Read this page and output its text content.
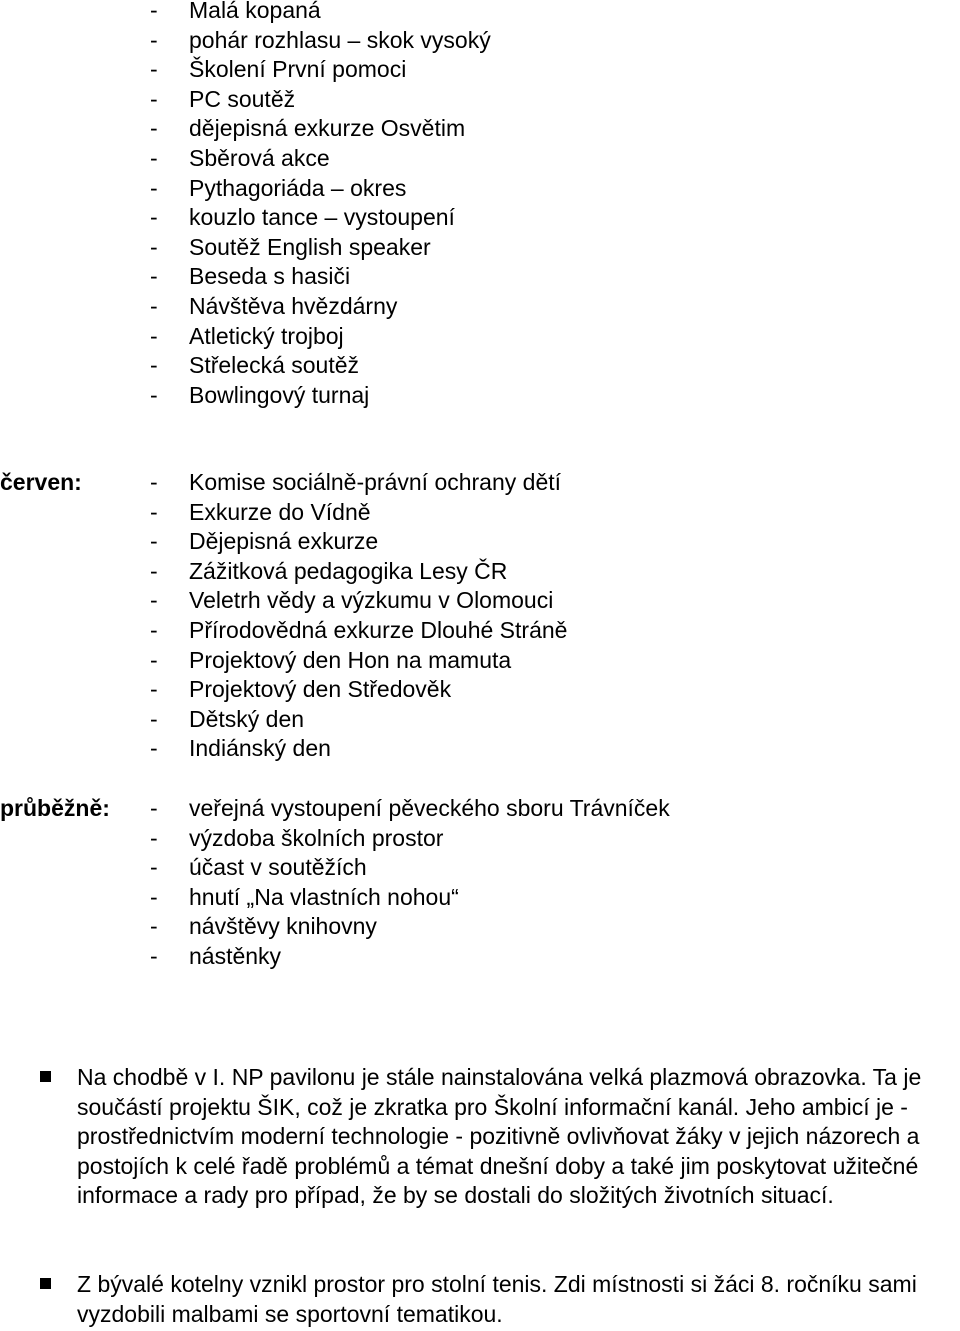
- Malá kopaná
- pohár rozhlasu – skok vysoký
- Školení První pomoci
- PC soutěž
- dějepisná exkurze Osvětim
- Sběrová akce
- Pythagoriáda – okres
- kouzlo tance – vystoupení
- Soutěž English speaker
- Beseda s hasiči
- Návštěva hvězdárny
- Atletický trojboj
- Střelecká soutěž
- Bowlingový turnaj
červen:	- Komise sociálně-právní ochrany dětí
- Exkurze do Vídně
- Dějepisná exkurze
- Zážitková pedagogika Lesy ČR
- Veletrh vědy a výzkumu v Olomouci
- Přírodovědná exkurze Dlouhé Stráně
- Projektový den Hon na mamuta
- Projektový den Středověk
- Dětský den
- Indiánský den
průběžně: - veřejná vystoupení pěveckého sboru Trávníček
- výzdoba školních prostor
- účast v soutěžích
- hnutí „Na vlastních nohou“
- návštěvy knihovny
- nástěnky

Na chodbě v I. NP pavilonu je stále nainstalována velká plazmová obrazovka. Ta je součástí projektu ŠIK, což je zkratka pro Školní informační kanál. Jeho ambicí je - prostřednictvím moderní technologie - pozitivně ovlivňovat žáky v jejich názorech a postojích k celé řadě problémů a témat dnešní doby a také jim poskytovat užitečné informace a rady pro případ, že by se dostali do složitých životních situací.

Z bývalé kotelny vznikl prostor pro stolní tenis. Zdi místnosti si žáci 8. ročníku sami vyzdobili malbami se sportovní tematikou.
